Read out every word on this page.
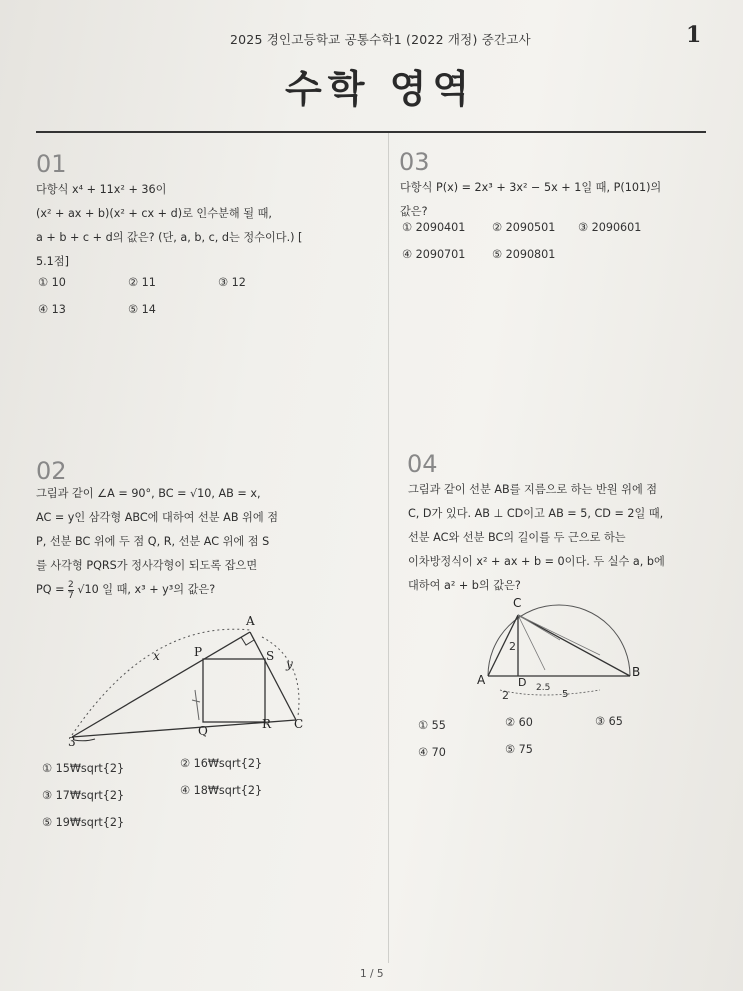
2025 경인고등학교 공통수학1 (2022 개정) 중간고사	1
수학 영역
01
다항식 x⁴ + 11x² + 36이
(x² + ax + b)(x² + cx + d)로 인수분해 될 때,
a + b + c + d의 값은? (단, a, b, c, d는 정수이다.) [
5.1점]
① 10	② 11	③ 12
④ 13	⑤ 14
03
다항식 P(x) = 2x³ + 3x² − 5x + 1일 때, P(101)의
값은?
① 2090401 ② 2090501 ③ 2090601
④ 2090701 ⑤ 2090801
02
그림과 같이 ∠A = 90°, BC = √10, AB = x,
AC = y인 삼각형 ABC에 대하여 선분 AB 위에 점
P, 선분 BC 위에 두 점 Q, R, 선분 AC 위에 점 S
를 사각형 PQRS가 정사각형이 되도록 잡으면
PQ = $\frac{2}{7} √10$ 일 때, x³ + y³의 값은?
A
P	S
x
y
Q	R C
3
① 15₩sqrt{2}	② 16₩sqrt{2}
③ 17₩sqrt{2}	④ 18₩sqrt{2}
⑤ 19₩sqrt{2}
04
그림과 같이 선분 AB를 지름으로 하는 반원 위에 점
C, D가 있다. AB ⊥ CD이고 AB = 5, CD = 2일 때,
선분 AC와 선분 BC의 길이를 두 근으로 하는
이차방정식이 x² + ax + b = 0이다. 두 실수 a, b에
대하여 a² + b의 값은?
C
A	D
B
2
2	5
2.5
① 55	② 60	③ 65
④ 70	⑤ 75
1 / 5
